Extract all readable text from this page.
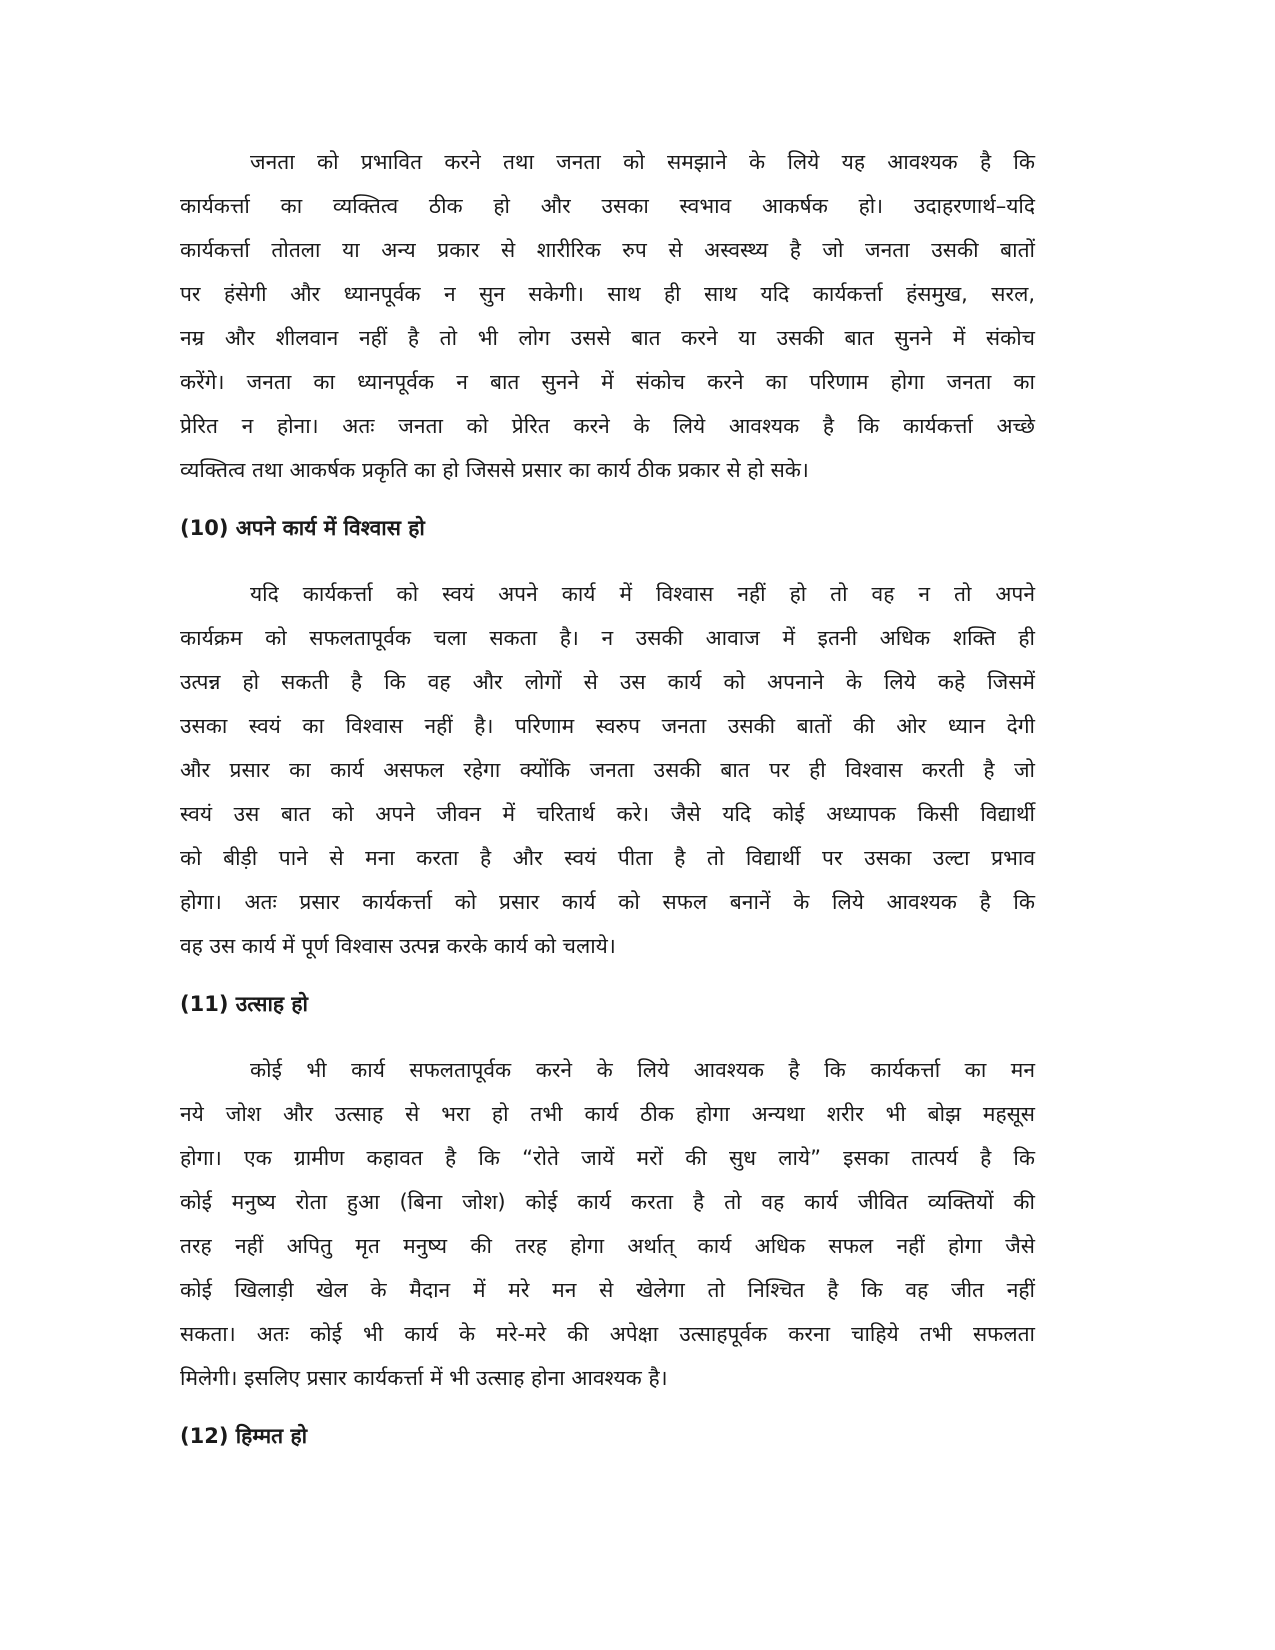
जनता को प्रभावित करने तथा जनता को समझाने के लिये यह आवश्यक है कि

कार्यकर्त्ता का व्यक्तित्व ठीक हो और उसका स्वभाव आकर्षक हो। उदाहरणार्थ–यदि

कार्यकर्त्ता तोतला या अन्य प्रकार से शारीरिक रुप से अस्वस्थ्य है जो जनता उसकी बातों

पर हंसेगी और ध्यानपूर्वक न सुन सकेगी। साथ ही साथ यदि कार्यकर्त्ता हंसमुख, सरल,

नम्र और शीलवान नहीं है तो भी लोग उससे बात करने या उसकी बात सुनने में संकोच

करेंगे। जनता का ध्यानपूर्वक न बात सुनने में संकोच करने का परिणाम होगा जनता का

प्रेरित न होना। अतः जनता को प्रेरित करने के लिये आवश्यक है कि कार्यकर्त्ता अच्छे

व्यक्तित्व तथा आकर्षक प्रकृति का हो जिससे प्रसार का कार्य ठीक प्रकार से हो सके।

(10) अपने कार्य में विश्वास हो

यदि कार्यकर्त्ता को स्वयं अपने कार्य में विश्वास नहीं हो तो वह न तो अपने

कार्यक्रम को सफलतापूर्वक चला सकता है। न उसकी आवाज में इतनी अधिक शक्ति ही

उत्पन्न हो सकती है कि वह और लोगों से उस कार्य को अपनाने के लिये कहे जिसमें

उसका स्वयं का विश्वास नहीं है। परिणाम स्वरुप जनता उसकी बातों की ओर ध्यान देगी

और प्रसार का कार्य असफल रहेगा क्योंकि जनता उसकी बात पर ही विश्वास करती है जो

स्वयं उस बात को अपने जीवन में चरितार्थ करे। जैसे यदि कोई अध्यापक किसी विद्यार्थी

को बीड़ी पाने से मना करता है और स्वयं पीता है तो विद्यार्थी पर उसका उल्टा प्रभाव

होगा। अतः प्रसार कार्यकर्त्ता को प्रसार कार्य को सफल बनानें के लिये आवश्यक है कि

वह उस कार्य में पूर्ण विश्वास उत्पन्न करके कार्य को चलाये।

(11) उत्साह हो

कोई भी कार्य सफलतापूर्वक करने के लिये आवश्यक है कि कार्यकर्त्ता का मन

नये जोश और उत्साह से भरा हो तभी कार्य ठीक होगा अन्यथा शरीर भी बोझ महसूस

होगा। एक ग्रामीण कहावत है कि “रोते जायें मरों की सुध लाये” इसका तात्पर्य है कि

कोई मनुष्य रोता हुआ (बिना जोश) कोई कार्य करता है तो वह कार्य जीवित व्यक्तियों की

तरह नहीं अपितु मृत मनुष्य की तरह होगा अर्थात् कार्य अधिक सफल नहीं होगा जैसे

कोई खिलाड़ी खेल के मैदान में मरे मन से खेलेगा तो निश्चित है कि वह जीत नहीं

सकता। अतः कोई भी कार्य के मरे-मरे की अपेक्षा उत्साहपूर्वक करना चाहिये तभी सफलता

मिलेगी। इसलिए प्रसार कार्यकर्त्ता में भी उत्साह होना आवश्यक है।

(12) हिम्मत हो
